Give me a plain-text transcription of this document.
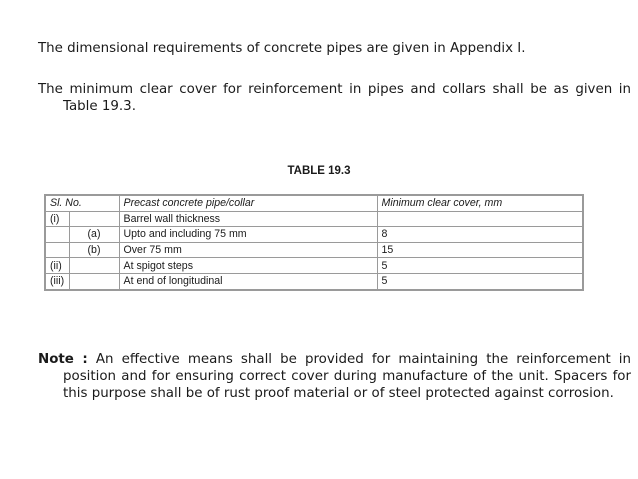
The dimensional requirements of concrete pipes are given in Appendix I.

The minimum clear cover for reinforcement in pipes and collars shall be as given in Table 19.3.

TABLE 19.3
Sl. No.		Precast concrete pipe/collar	Minimum clear cover, mm
(i)		Barrel wall thickness	
	(a)	Upto and including 75 mm	8
	(b)	Over 75 mm	15
(ii)		At spigot steps	5
(iii)		At end of longitudinal	5

Note : An effective means shall be provided for maintaining the reinforcement in position and for ensuring correct cover during manufacture of the unit. Spacers for this purpose shall be of rust proof material or of steel protected against corrosion.
